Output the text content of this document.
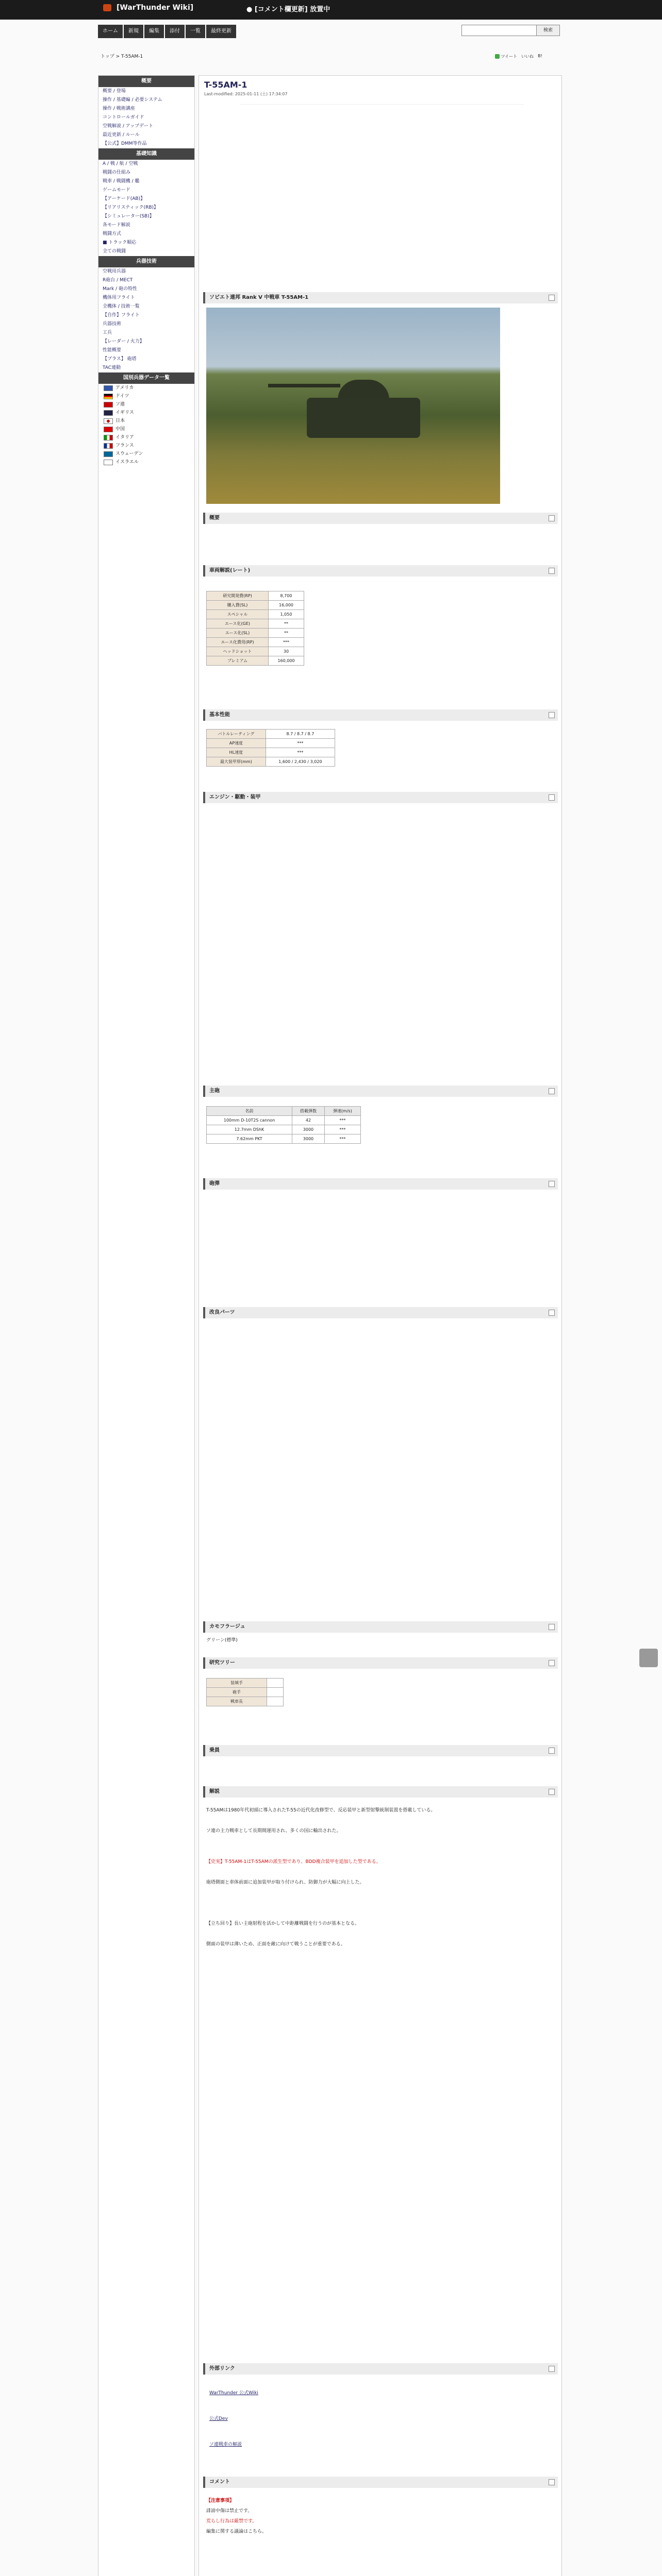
[WarThunder Wiki]	● [コメント欄更新] 放置中
ホーム	新規	編集	添付	一覧	最終更新	検索
トップ > T-55AM-1	ツイート いいね B!
概要
概要 / 登場
操作 / 基礎編 / 必要システム
操作 / 戦術講座
コントロールガイド
空戦解説 / アップデート
最近更新 / ルール
【公式】DMM等作品
基礎知識
A / 戦 / 航 / 空戦
戦闘の仕組み
戦車 / 戦闘機 / 艦
ゲームモード
【アーケード(AB)】
【リアリスティック(RB)】
【シミュレーター(SB)】
各モード解説
戦闘方式
■ トラック順応
全ての戦闘
兵器技術
空戦用兵器
R砲台 / MECT
Mark / 砲の特性
機体用フライト
全機体 / 技術一覧
【自作】フライト
兵器技術
工兵
【レーダー / 火力】
性能概要
【プラス】 砲塔
TAC連動
国別兵器データ一覧
アメリカ
ドイツ
ソ連
イギリス
日本
中国
イタリア
フランス
スウェーデン
イスラエル
T-55AM-1
Last-modified: 2025-01-11 (土) 17:34:07
ソビエト連邦 Rank V 中戦車 T-55AM-1
概要
車両解説(レート)
研究開発費(RP)	8,700
購入費(SL)	16,000
スペシャル	1,050
エース化(GE)	**
エース化(SL)	**
エース化費用(RP)	***
ヘッドショット	30
プレミアム	160,000
基本性能
バトルレーティング	8.7 / 8.7 / 8.7
AP速度	***
HL速度	***
最大装甲厚(mm)	1,600 / 2,430 / 3,020
エンジン・駆動・装甲
主砲
名前	搭載弾数	弾速(m/s)
100mm D-10T2S cannon	42	***
12.7mm DShK	3000	***
7.62mm PKT	3000	***
砲弾
改良パーツ
カモフラージュ
グリーン(標準)
研究ツリー
装填手	
砲手	
戦車長	
乗員
解説
T-55AMは1980年代初頭に導入されたT-55の近代化改修型で、反応装甲と新型射撃統制装置を搭載している。
ソ連の主力戦車として長期間運用され、多くの国に輸出された。
【史実】T-55AM-1はT-55AMの派生型であり、BDD複合装甲を追加した型である。
砲塔側面と車体前面に追加装甲が取り付けられ、防御力が大幅に向上した。
【立ち回り】長い主砲射程を活かして中距離戦闘を行うのが基本となる。
側面の装甲は薄いため、正面を敵に向けて戦うことが重要である。
外部リンク
WarThunder 公式Wiki
公式Dev
ソ連戦車の解説
コメント
【注意事項】
誹謗中傷は禁止です。
荒らし行為は厳禁です。
編集に関する議論はこちら。
